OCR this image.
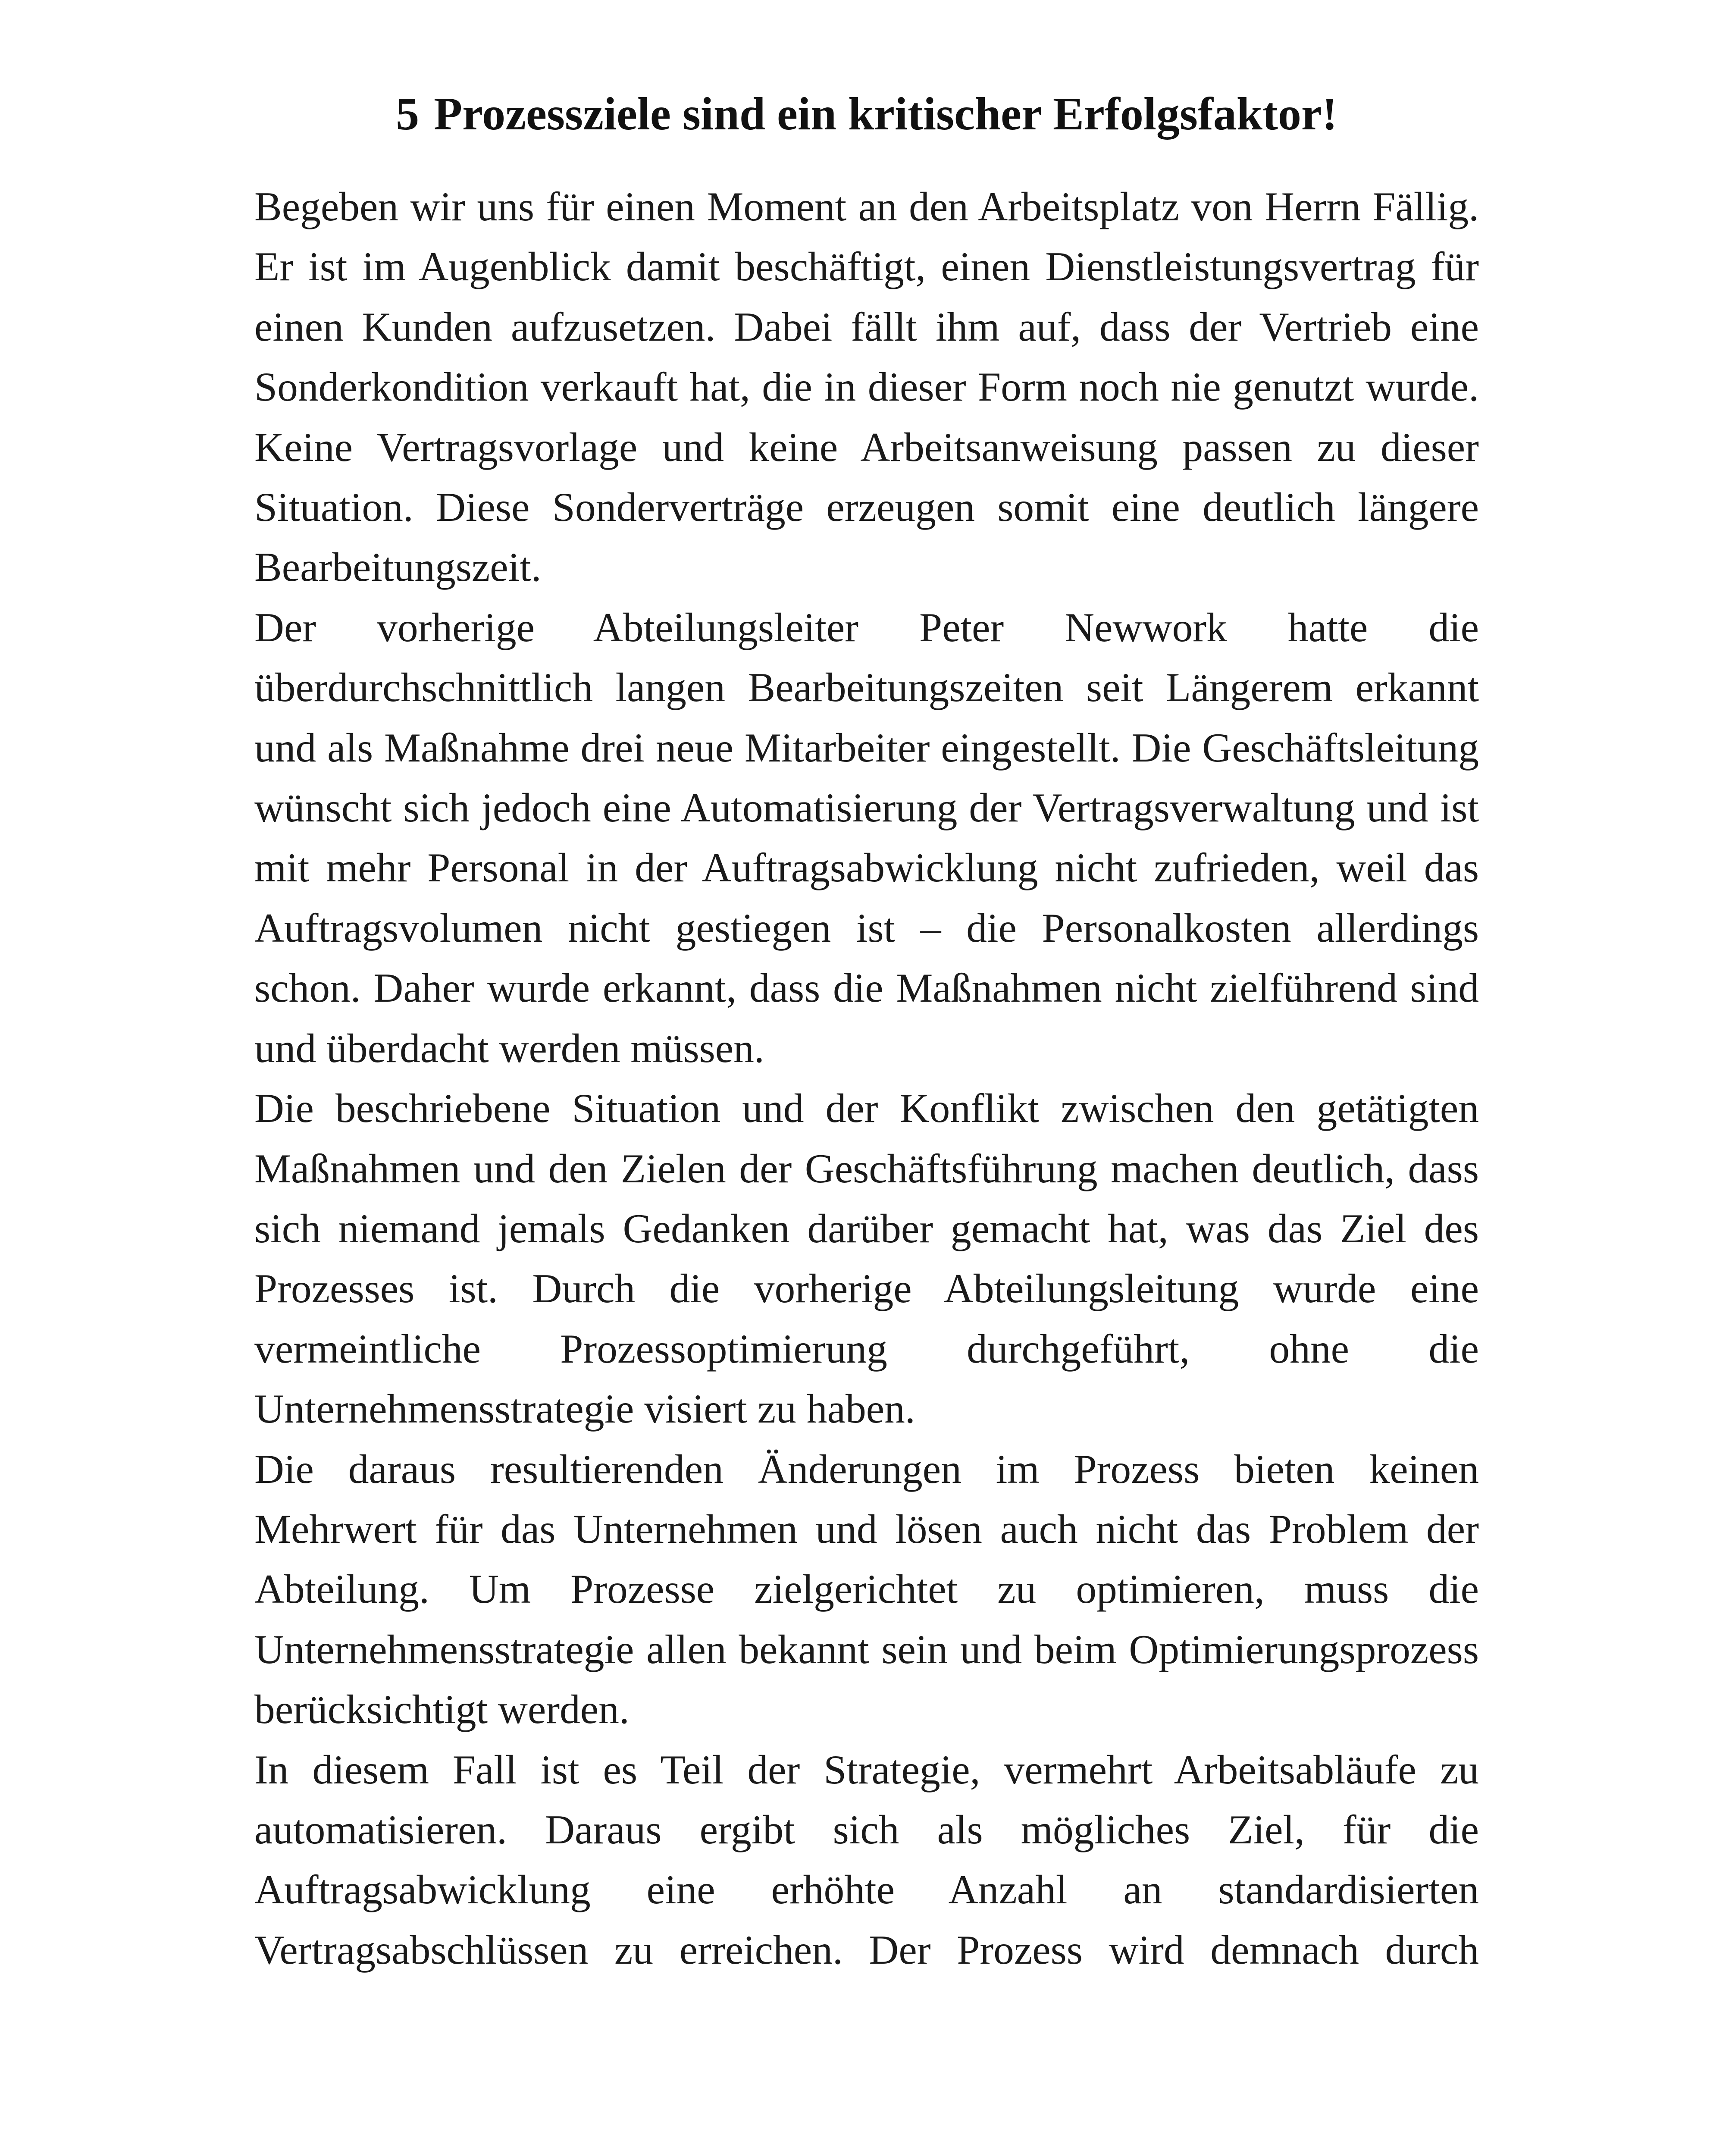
5 Prozessziele sind ein kritischer Erfolgsfaktor!

Begeben wir uns für einen Moment an den Arbeitsplatz von Herrn Fällig. Er ist im Augenblick damit beschäftigt, einen Dienstleistungsvertrag für einen Kunden aufzusetzen. Dabei fällt ihm auf, dass der Vertrieb eine Sonderkondition verkauft hat, die in dieser Form noch nie genutzt wurde. Keine Vertragsvorlage und keine Arbeitsanweisung passen zu dieser Situation. Diese Sonderverträge erzeugen somit eine deutlich längere Bearbeitungszeit.

Der vorherige Abteilungsleiter Peter Newwork hatte die überdurchschnittlich langen Bearbeitungszeiten seit Längerem erkannt und als Maßnahme drei neue Mitarbeiter eingestellt. Die Geschäftsleitung wünscht sich jedoch eine Automatisierung der Vertragsverwaltung und ist mit mehr Personal in der Auftragsabwicklung nicht zufrieden, weil das Auftragsvolumen nicht gestiegen ist – die Personalkosten allerdings schon. Daher wurde erkannt, dass die Maßnahmen nicht zielführend sind und überdacht werden müssen.

Die beschriebene Situation und der Konflikt zwischen den getätigten Maßnahmen und den Zielen der Geschäftsführung machen deutlich, dass sich niemand jemals Gedanken darüber gemacht hat, was das Ziel des Prozesses ist. Durch die vorherige Abteilungsleitung wurde eine vermeintliche Prozessoptimierung durchgeführt, ohne die Unternehmensstrategie visiert zu haben.

Die daraus resultierenden Änderungen im Prozess bieten keinen Mehrwert für das Unternehmen und lösen auch nicht das Problem der Abteilung. Um Prozesse zielgerichtet zu optimieren, muss die Unternehmensstrategie allen bekannt sein und beim Optimierungsprozess berücksichtigt werden.

In diesem Fall ist es Teil der Strategie, vermehrt Arbeitsabläufe zu automatisieren. Daraus ergibt sich als mögliches Ziel, für die Auftragsabwicklung eine erhöhte Anzahl an standardisierten Vertragsabschlüssen zu erreichen. Der Prozess wird demnach durch
